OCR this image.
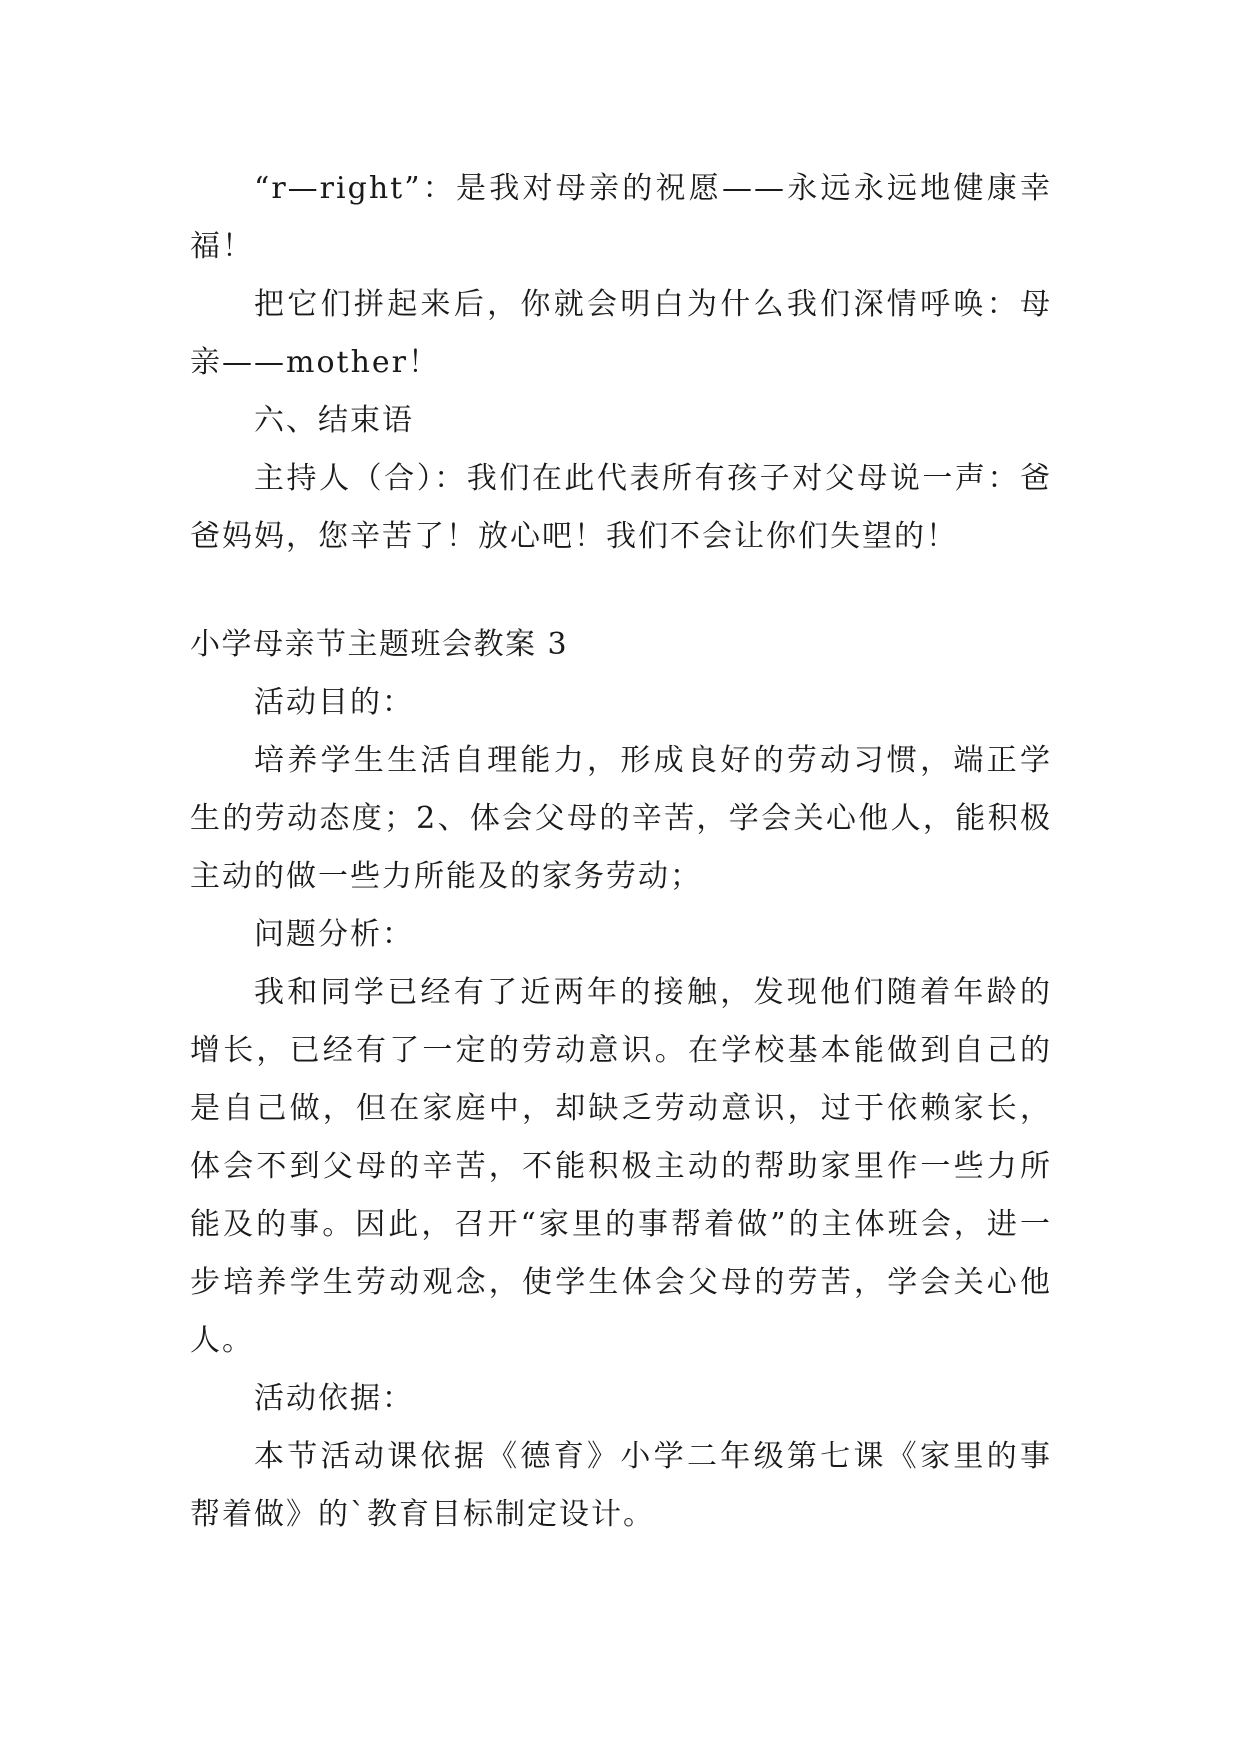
“r—right”：是我对母亲的祝愿——永远永远地健康幸福！

把它们拼起来后，你就会明白为什么我们深情呼唤：母亲——mother！

六、结束语

主持人（合）：我们在此代表所有孩子对父母说一声：爸爸妈妈，您辛苦了！放心吧！我们不会让你们失望的！

小学母亲节主题班会教案 3

活动目的：

培养学生生活自理能力，形成良好的劳动习惯，端正学生的劳动态度；2、体会父母的辛苦，学会关心他人，能积极主动的做一些力所能及的家务劳动；

问题分析：

我和同学已经有了近两年的接触，发现他们随着年龄的增长，已经有了一定的劳动意识。在学校基本能做到自己的是自己做，但在家庭中，却缺乏劳动意识，过于依赖家长，体会不到父母的辛苦，不能积极主动的帮助家里作一些力所能及的事。因此，召开“家里的事帮着做”的主体班会，进一步培养学生劳动观念，使学生体会父母的劳苦，学会关心他人。

活动依据：

本节活动课依据《德育》小学二年级第七课《家里的事帮着做》的`教育目标制定设计。
